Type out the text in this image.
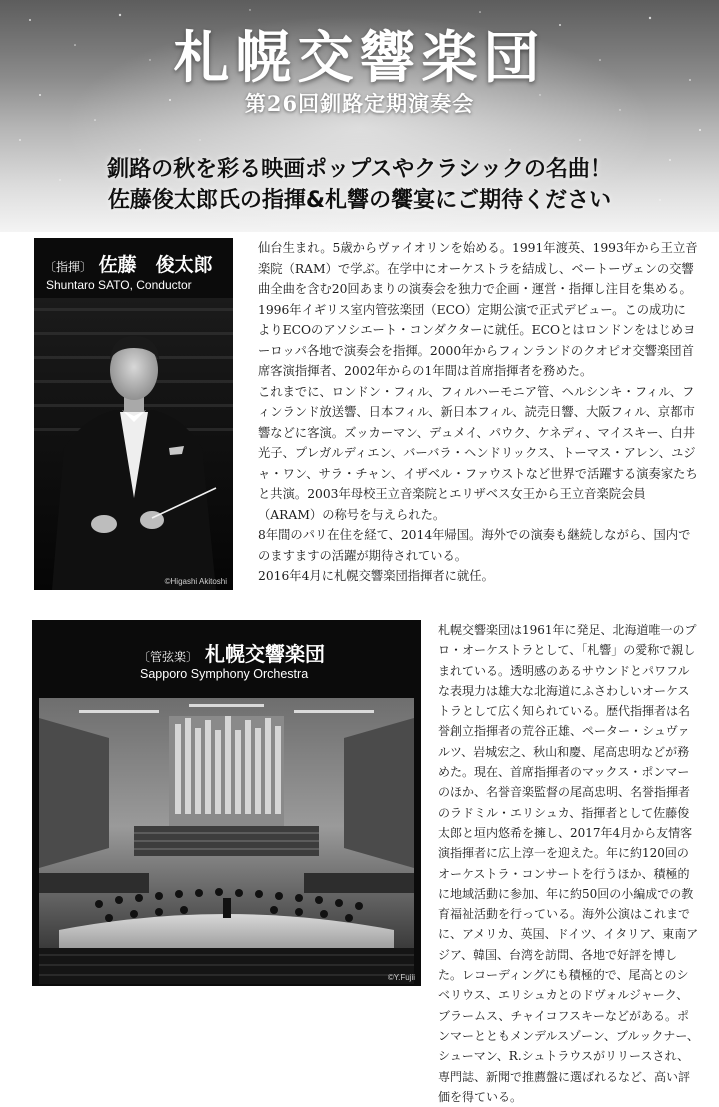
札幌交響楽団
第26回釧路定期演奏会
釧路の秋を彩る映画ポップスやクラシックの名曲！
佐藤俊太郎氏の指揮&札響の饗宴にご期待ください
〔指揮〕 佐藤　俊太郎
Shuntaro SATO, Conductor
©Higashi Akitoshi

仙台生まれ。5歳からヴァイオリンを始める。1991年渡英、1993年から王立音楽院（RAM）で学ぶ。在学中にオーケストラを結成し、ベートーヴェンの交響曲全曲を含む20回あまりの演奏会を独力で企画・運営・指揮し注目を集める。1996年イギリス室内管弦楽団（ECO）定期公演で正式デビュー。この成功によりECOのアソシエート・コンダクターに就任。ECOとはロンドンをはじめヨーロッパ各地で演奏会を指揮。2000年からフィンランドのクオピオ交響楽団首席客演指揮者、2002年からの1年間は首席指揮者を務めた。

これまでに、ロンドン・フィル、フィルハーモニア管、ヘルシンキ・フィル、フィンランド放送響、日本フィル、新日本フィル、読売日響、大阪フィル、京都市響などに客演。ズッカーマン、デュメイ、パウク、ケネディ、マイスキー、白井光子、プレガルディエン、バーバラ・ヘンドリックス、トーマス・アレン、ユジャ・ワン、サラ・チャン、イザベル・ファウストなど世界で活躍する演奏家たちと共演。2003年母校王立音楽院とエリザベス女王から王立音楽院会員（ARAM）の称号を与えられた。

8年間のパリ在住を経て、2014年帰国。海外での演奏も継続しながら、国内でのますますの活躍が期待されている。

2016年4月に札幌交響楽団指揮者に就任。

〔管弦楽〕 札幌交響楽団
Sapporo Symphony Orchestra
©Y.Fujii

札幌交響楽団は1961年に発足、北海道唯一のプロ・オーケストラとして、「札響」の愛称で親しまれている。透明感のあるサウンドとパワフルな表現力は雄大な北海道にふさわしいオーケストラとして広く知られている。歴代指揮者は名誉創立指揮者の荒谷正雄、ペーター・シュヴァルツ、岩城宏之、秋山和慶、尾高忠明などが務めた。現在、首席指揮者のマックス・ポンマーのほか、名誉音楽監督の尾高忠明、名誉指揮者のラドミル・エリシュカ、指揮者として佐藤俊太郎と垣内悠希を擁し、2017年4月から友情客演指揮者に広上淳一を迎えた。年に約120回のオーケストラ・コンサートを行うほか、積極的に地域活動に参加、年に約50回の小編成での教育福祉活動を行っている。海外公演はこれまでに、アメリカ、英国、ドイツ、イタリア、東南アジア、韓国、台湾を訪問、各地で好評を博した。レコーディングにも積極的で、尾高とのシベリウス、エリシュカとのドヴォルジャーク、ブラームス、チャイコフスキーなどがある。ポンマーとともメンデルスゾーン、ブルックナー、シューマン、R.シュトラウスがリリースされ、専門誌、新聞で推薦盤に選ばれるなど、高い評価を得ている。
